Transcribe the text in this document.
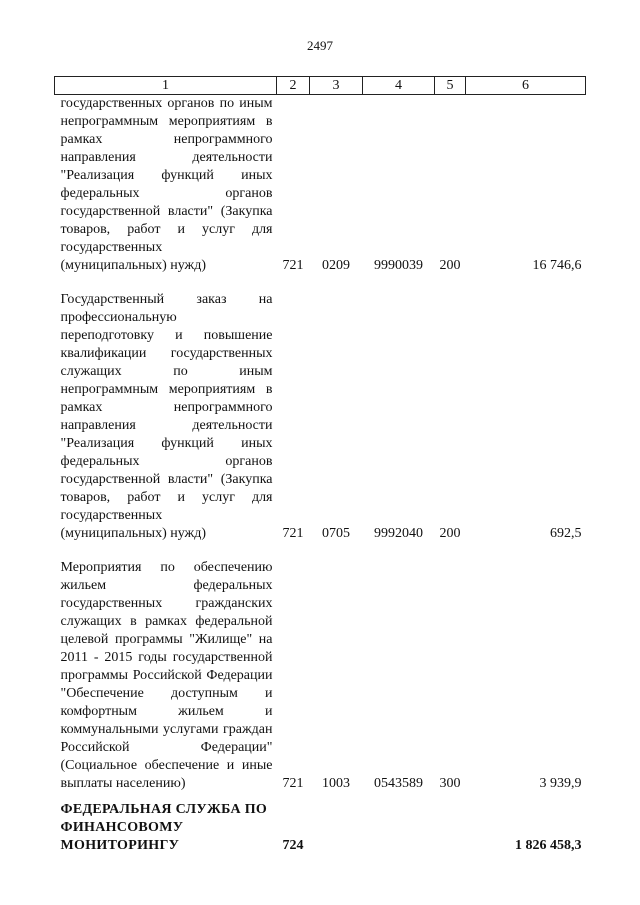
2497
1	2	3	4	5	6
государственных органов по иным непрограммным мероприятиям в рамках непрограммного направления деятельности "Реализация функций иных федеральных органов государственной власти" (Закупка товаров, работ и услуг для государственных
(муниципальных) нужд)	721	0209	9990039	200	16 746,6

Государственный заказ на профессиональную переподготовку и повышение квалификации государственных служащих по иным непрограммным мероприятиям в рамках непрограммного направления деятельности "Реализация функций иных федеральных органов государственной власти" (Закупка товаров, работ и услуг для государственных
(муниципальных) нужд)	721	0705	9992040	200	692,5

Мероприятия по обеспечению жильем федеральных государственных гражданских служащих в рамках федеральной целевой программы "Жилище" на 2011 - 2015 годы государственной программы Российской Федерации "Обеспечение доступным и комфортным жильем и коммунальными услугами граждан Российской Федерации" (Социальное обеспечение и иные
выплаты населению)	721	1003	0543589	300	3 939,9
ФЕДЕРАЛЬНАЯ СЛУЖБА ПО ФИНАНСОВОМУ МОНИТОРИНГУ	724				1 826 458,3
